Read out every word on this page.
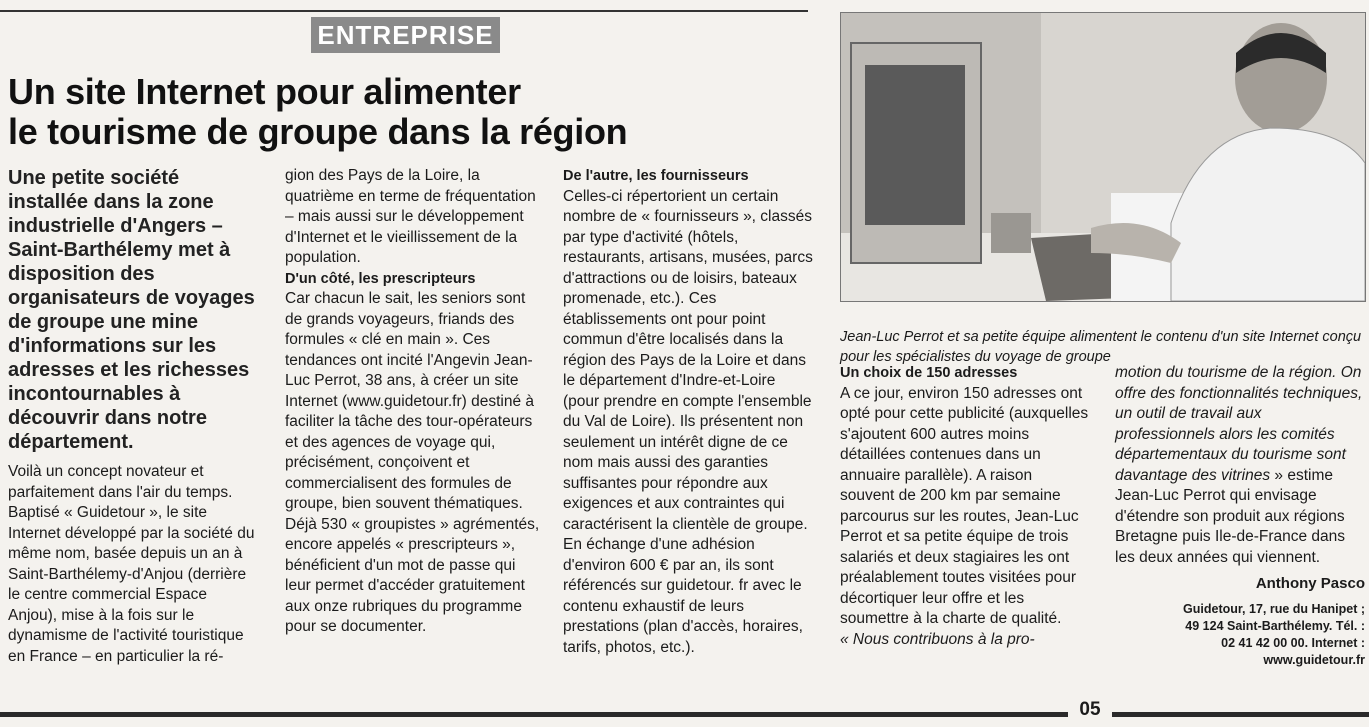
ENTREPRISE
Un site Internet pour alimenter
le tourisme de groupe dans la région

Une petite société installée dans la zone industrielle d'Angers – Saint-Barthélemy met à disposition des organisateurs de voyages de groupe une mine d'informations sur les adresses et les richesses incontournables à découvrir dans notre département.

Voilà un concept novateur et parfaitement dans l'air du temps. Baptisé « Guidetour », le site Internet développé par la société du même nom, basée depuis un an à Saint-Barthélemy-d'Anjou (derrière le centre commercial Espace Anjou), mise à la fois sur le dynamisme de l'activité touristique en France – en particulier la ré-

gion des Pays de la Loire, la quatrième en terme de fréquentation – mais aussi sur le développement d'Internet et le vieillissement de la population.

D'un côté, les prescripteurs

Car chacun le sait, les seniors sont de grands voyageurs, friands des formules « clé en main ». Ces tendances ont incité l'Angevin Jean-Luc Perrot, 38 ans, à créer un site Internet (www.guidetour.fr) destiné à faciliter la tâche des tour-opérateurs et des agences de voyage qui, précisément, conçoivent et commercialisent des formules de groupe, bien souvent thématiques. Déjà 530 « groupistes » agrémentés, encore appelés « prescripteurs », bénéficient d'un mot de passe qui leur permet d'accéder gratuitement aux onze rubriques du programme pour se documenter.

De l'autre, les fournisseurs

Celles-ci répertorient un certain nombre de « fournisseurs », classés par type d'activité (hôtels, restaurants, artisans, musées, parcs d'attractions ou de loisirs, bateaux promenade, etc.). Ces établissements ont pour point commun d'être localisés dans la région des Pays de la Loire et dans le département d'Indre-et-Loire (pour prendre en compte l'ensemble du Val de Loire). Ils présentent non seulement un intérêt digne de ce nom mais aussi des garanties suffisantes pour répondre aux exigences et aux contraintes qui caractérisent la clientèle de groupe. En échange d'une adhésion d'environ 600 € par an, ils sont référencés sur guidetour. fr avec le contenu exhaustif de leurs prestations (plan d'accès, horaires, tarifs, photos, etc.).

Jean-Luc Perrot et sa petite équipe alimentent le contenu d'un site Internet conçu pour les spécialistes du voyage de groupe

Un choix de 150 adresses

A ce jour, environ 150 adresses ont opté pour cette publicité (auxquelles s'ajoutent 600 autres moins détaillées contenues dans un annuaire parallèle). A raison souvent de 200 km par semaine parcourus sur les routes, Jean-Luc Perrot et sa petite équipe de trois salariés et deux stagiaires les ont préalablement toutes visitées pour décortiquer leur offre et les soumettre à la charte de qualité.

« Nous contribuons à la pro-

motion du tourisme de la région. On offre des fonctionnalités techniques, un outil de travail aux professionnels alors les comités départementaux du tourisme sont davantage des vitrines » estime Jean-Luc Perrot qui envisage d'étendre son produit aux régions Bretagne puis Ile-de-France dans les deux années qui viennent.

Anthony Pasco

Guidetour, 17, rue du Hanipet ;
49 124 Saint-Barthélemy. Tél. :
02 41 42 00 00. Internet :
www.guidetour.fr

05
